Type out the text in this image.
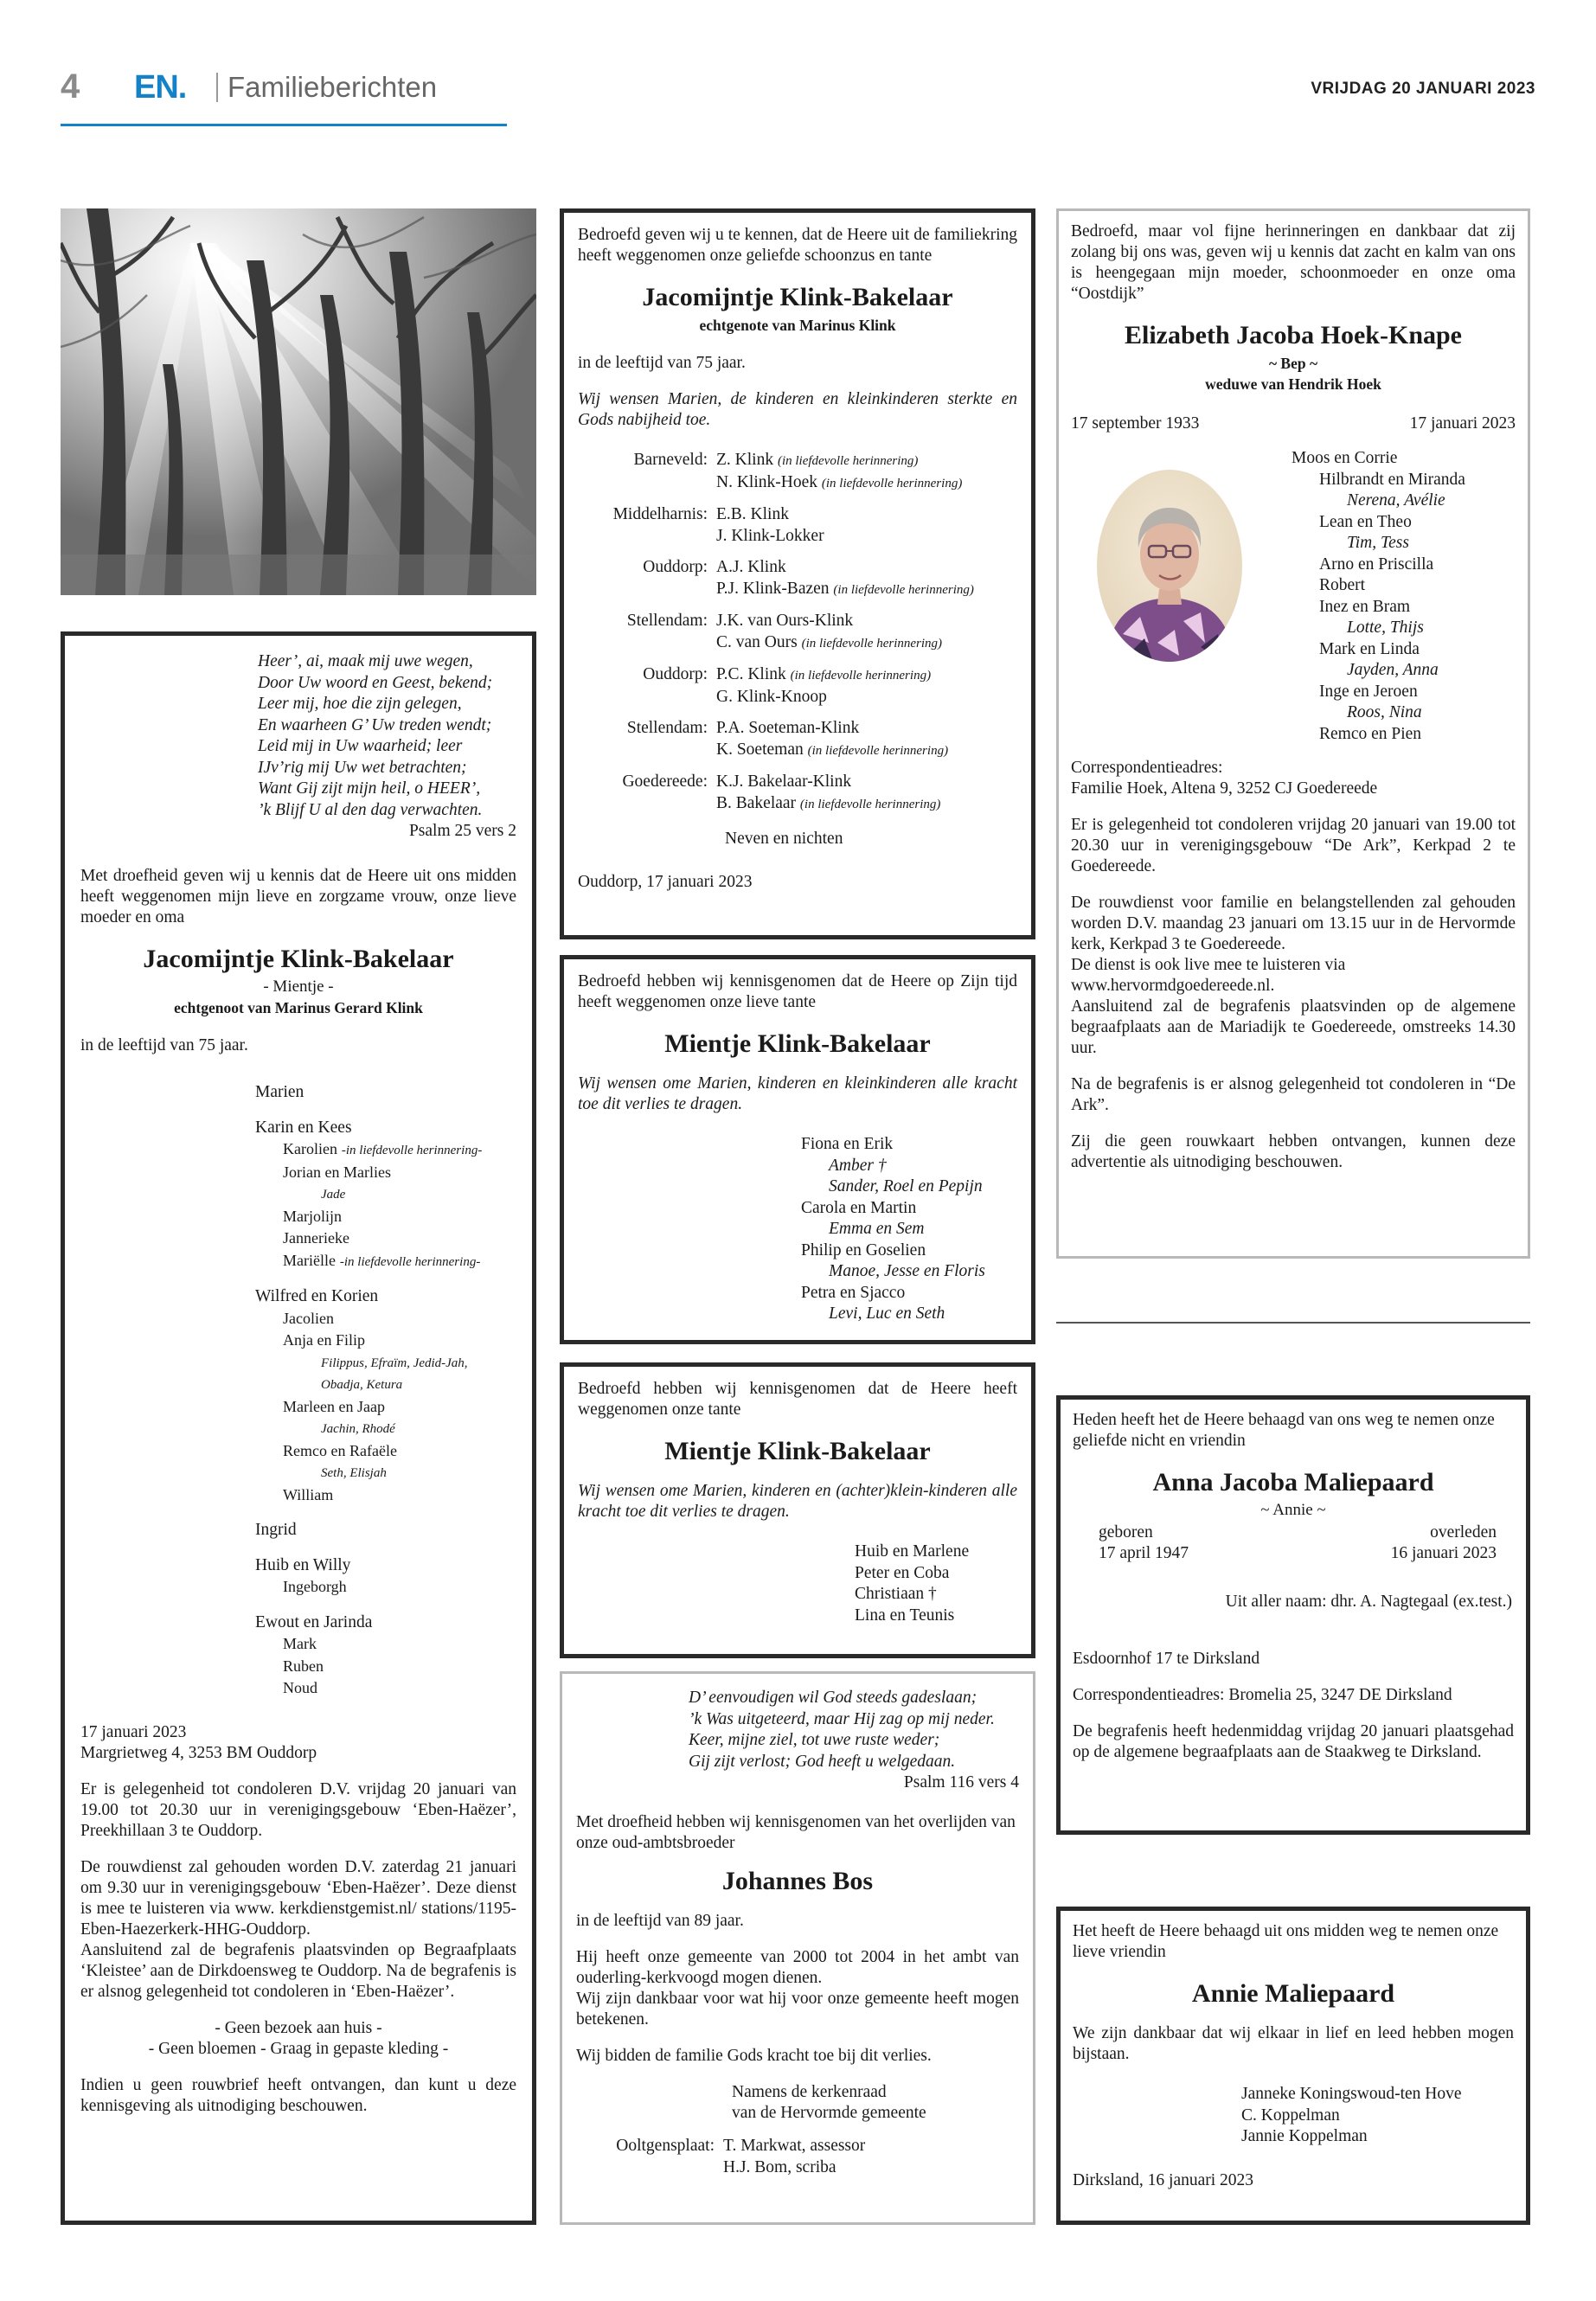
4 EN. Familieberichten	VRIJDAG 20 JANUARI 2023
Heer’, ai, maak mij uwe wegen,
Door Uw woord en Geest, bekend;
Leer mij, hoe die zijn gelegen,
En waarheen G’ Uw treden wendt;
Leid mij in Uw waarheid; leer
IJv’rig mij Uw wet betrachten;
Want Gij zijt mijn heil, o HEER’,
’k Blijf U al den dag verwachten.
Psalm 25 vers 2

Met droefheid geven wij u kennis dat de Heere uit ons midden heeft weggenomen mijn lieve en zorgzame vrouw, onze lieve moeder en oma

Jacomijntje Klink-Bakelaar
- Mientje -
echtgenoot van Marinus Gerard Klink

in de leeftijd van 75 jaar.

Marien
Karin en Kees
Karolien -in liefdevolle herinnering-
Jorian en Marlies
Jade
Marjolijn
Jannerieke
Mariëlle -in liefdevolle herinnering-
Wilfred en Korien
Jacolien
Anja en Filip
Filippus, Efraïm, Jedid-Jah,
Obadja, Ketura
Marleen en Jaap
Jachin, Rhodé
Remco en Rafaële
Seth, Elisjah
William
Ingrid
Huib en Willy
Ingeborgh
Ewout en Jarinda
Mark
Ruben
Noud
17 januari 2023

Margrietweg 4, 3253 BM Ouddorp

Er is gelegenheid tot condoleren D.V. vrijdag 20 januari van 19.00 tot 20.30 uur in verenigingsgebouw ‘Eben-Haëzer’, Preekhillaan 3 te Ouddorp.

De rouwdienst zal gehouden worden D.V. zaterdag 21 januari om 9.30 uur in verenigingsgebouw ‘Eben-Haëzer’. Deze dienst is mee te luisteren via www. kerkdienstgemist.nl/ stations/1195-Eben-Haezerkerk-HHG-Ouddorp.

Aansluitend zal de begrafenis plaatsvinden op Begraafplaats ‘Kleistee’ aan de Dirkdoensweg te Ouddorp. Na de begrafenis is er alsnog gelegenheid tot condoleren in ‘Eben-Haëzer’.

- Geen bezoek aan huis -

- Geen bloemen - Graag in gepaste kleding -

Indien u geen rouwbrief heeft ontvangen, dan kunt u deze kennisgeving als uitnodiging beschouwen.

Bedroefd geven wij u te kennen, dat de Heere uit de familiekring heeft weggenomen onze geliefde schoonzus en tante

Jacomijntje Klink-Bakelaar
echtgenote van Marinus Klink

in de leeftijd van 75 jaar.

Wij wensen Marien, de kinderen en kleinkinderen sterkte en Gods nabijheid toe.

Barneveld:	Z. Klink (in liefdevolle herinnering)
N. Klink-Hoek (in liefdevolle herinnering)

Middelharnis:	E.B. Klink
J. Klink-Lokker

Ouddorp:	A.J. Klink
P.J. Klink-Bazen (in liefdevolle herinnering)

Stellendam:	J.K. van Ours-Klink
C. van Ours (in liefdevolle herinnering)

Ouddorp:	P.C. Klink (in liefdevolle herinnering)
G. Klink-Knoop

Stellendam:	P.A. Soeteman-Klink
K. Soeteman (in liefdevolle herinnering)

Goedereede:	K.J. Bakelaar-Klink
B. Bakelaar (in liefdevolle herinnering)
Neven en nichten
Ouddorp, 17 januari 2023

Bedroefd hebben wij kennisgenomen dat de Heere op Zijn tijd heeft weggenomen onze lieve tante

Mientje Klink-Bakelaar

Wij wensen ome Marien, kinderen en kleinkinderen alle kracht toe dit verlies te dragen.

Fiona en Erik
Amber †
Sander, Roel en Pepijn
Carola en Martin
Emma en Sem
Philip en Goselien
Manoe, Jesse en Floris
Petra en Sjacco
Levi, Luc en Seth

Bedroefd hebben wij kennisgenomen dat de Heere heeft weggenomen onze tante

Mientje Klink-Bakelaar

Wij wensen ome Marien, kinderen en (achter)klein-kinderen alle kracht toe dit verlies te dragen.

Huib en Marlene
Peter en Coba
Christiaan †
Lina en Teunis
D’ eenvoudigen wil God steeds gadeslaan;
’k Was uitgeteerd, maar Hij zag op mij neder.
Keer, mijne ziel, tot uwe ruste weder;
Gij zijt verlost; God heeft u welgedaan.
Psalm 116 vers 4
Met droefheid hebben wij kennisgenomen van het overlijden van onze oud-ambtsbroeder
Johannes Bos

in de leeftijd van 89 jaar.

Hij heeft onze gemeente van 2000 tot 2004 in het ambt van ouderling-kerkvoogd mogen dienen.

Wij zijn dankbaar voor wat hij voor onze gemeente heeft mogen betekenen.

Wij bidden de familie Gods kracht toe bij dit verlies.

Namens de kerkenraad
van de Hervormde gemeente
Ooltgensplaat:	T. Markwat, assessor
H.J. Bom, scriba

Bedroefd, maar vol fijne herinneringen en dankbaar dat zij zolang bij ons was, geven wij u kennis dat zacht en kalm van ons is heengegaan mijn moeder, schoonmoeder en onze oma “Oostdijk”

Elizabeth Jacoba Hoek-Knape
~ Bep ~
weduwe van Hendrik Hoek
17 september 1933	17 januari 2023
Moos en Corrie
Hilbrandt en Miranda
Nerena, Avélie
Lean en Theo
Tim, Tess
Arno en Priscilla
Robert
Inez en Bram
Lotte, Thijs
Mark en Linda
Jayden, Anna
Inge en Jeroen
Roos, Nina
Remco en Pien
Correspondentieadres:

Familie Hoek, Altena 9, 3252 CJ Goedereede

Er is gelegenheid tot condoleren vrijdag 20 januari van 19.00 tot 20.30 uur in verenigingsgebouw “De Ark”, Kerkpad 2 te Goedereede.

De rouwdienst voor familie en belangstellenden zal gehouden worden D.V. maandag 23 januari om 13.15 uur in de Hervormde kerk, Kerkpad 3 te Goedereede.
De dienst is ook live mee te luisteren via
www.hervormdgoedereede.nl.

Aansluitend zal de begrafenis plaatsvinden op de algemene begraafplaats aan de Mariadijk te Goedereede, omstreeks 14.30 uur.

Na de begrafenis is er alsnog gelegenheid tot condoleren in “De Ark”.

Zij die geen rouwkaart hebben ontvangen, kunnen deze advertentie als uitnodiging beschouwen.

Heden heeft het de Heere behaagd van ons weg te nemen onze geliefde nicht en vriendin

Anna Jacoba Maliepaard
~ Annie ~
geboren	overleden
17 april 1947	16 januari 2023

Uit aller naam: dhr. A. Nagtegaal (ex.test.)

Esdoornhof 17 te Dirksland

Correspondentieadres: Bromelia 25, 3247 DE Dirksland

De begrafenis heeft hedenmiddag vrijdag 20 januari plaatsgehad op de algemene begraafplaats aan de Staakweg te Dirksland.

Het heeft de Heere behaagd uit ons midden weg te nemen onze lieve vriendin

Annie Maliepaard

We zijn dankbaar dat wij elkaar in lief en leed hebben mogen bijstaan.

Janneke Koningswoud-ten Hove
C. Koppelman
Jannie Koppelman
Dirksland, 16 januari 2023
